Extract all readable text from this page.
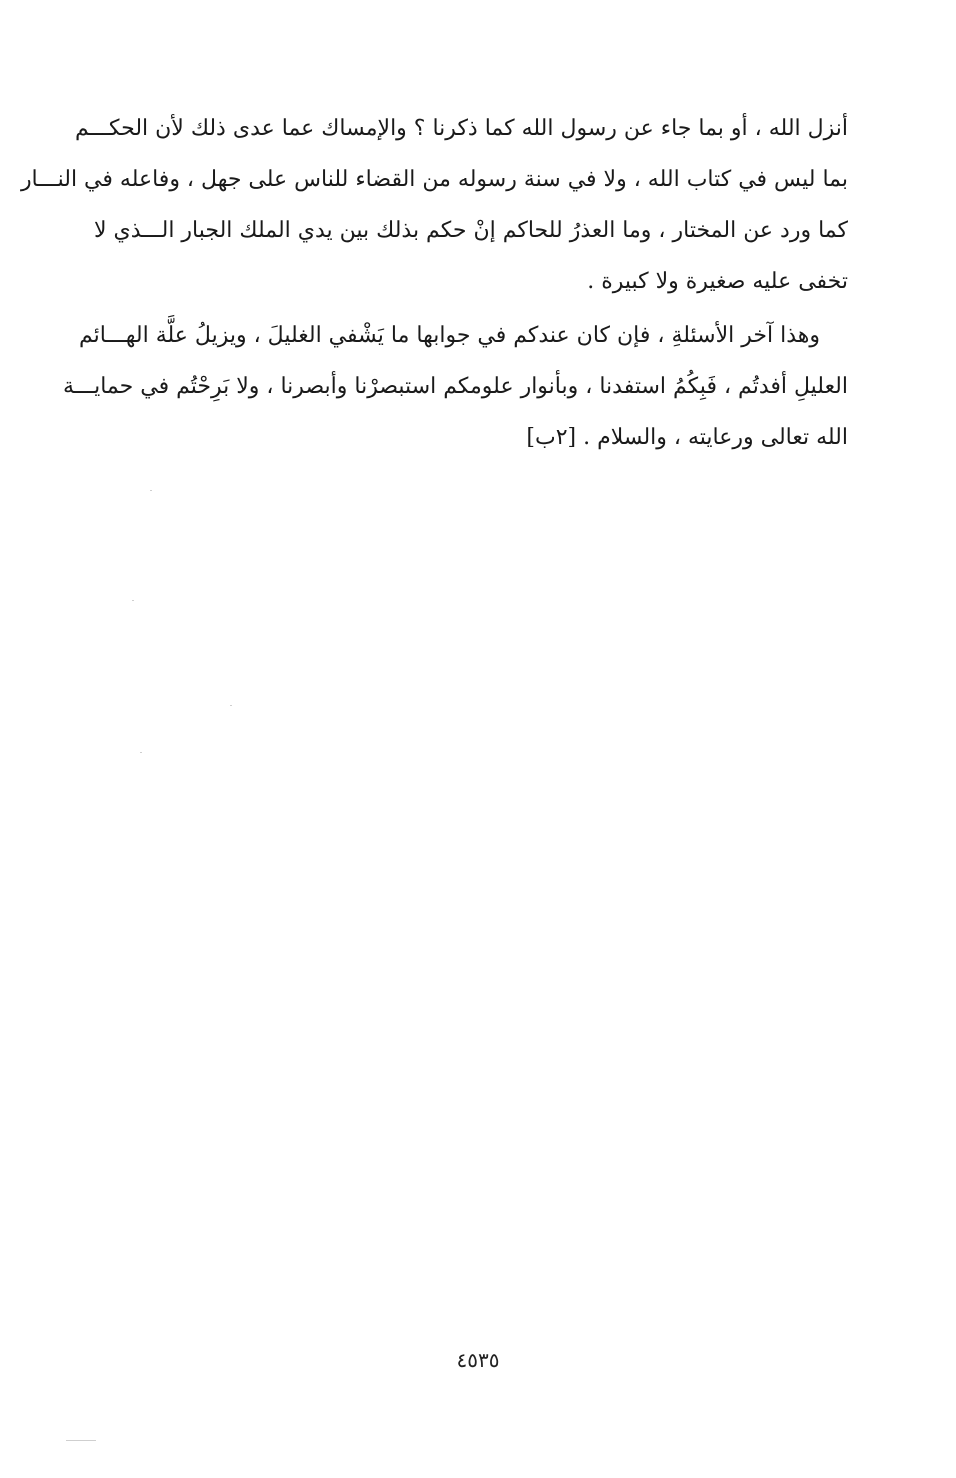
أنزل الله ، أو بما جاء عن رسول الله كما ذكرنا ؟ والإمساك عما عدى ذلك لأن الحكـــم
بما ليس في كتاب الله ، ولا في سنة رسوله من القضاء للناس على جهل ، وفاعله في النـــار
كما ورد عن المختار ، وما العذرُ للحاكم إنْ حكم بذلك بين يدي الملك الجبار الـــذي لا
تخفى عليه صغيرة ولا كبيرة .
وهذا آخر الأسئلةِ ، فإن كان عندكم في جوابها ما يَشْفي الغليلَ ، ويزيلُ علَّة الهـــائم
العليلِ أفدتُم ، فَبِكُمُ استفدنا ، وبأنوار علومكم استبصرْنا وأبصرنا ، ولا بَرِحْتُم في حمايـــة
الله تعالى ورعايته ، والسلام . [٢ب]
٤٥٣٥
